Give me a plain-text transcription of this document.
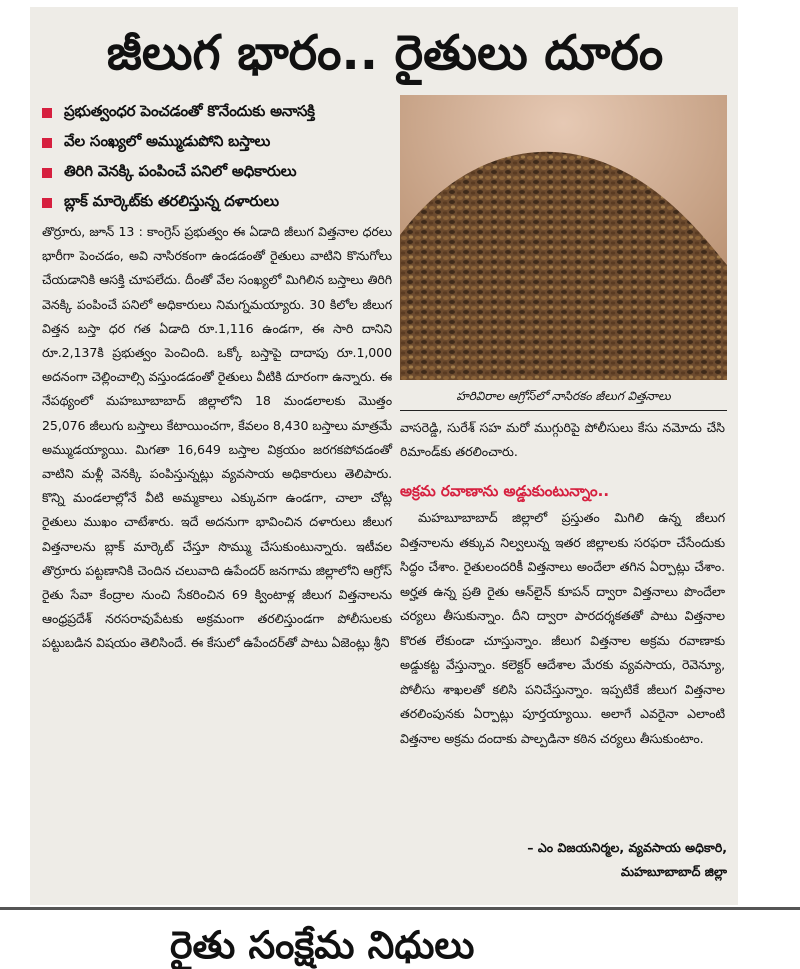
జీలుగ భారం.. రైతులు దూరం
ప్రభుత్వంధర పెంచడంతో కొనేందుకు అనాసక్తి
వేల సంఖ్యలో అమ్ముడుపోని బస్తాలు
తిరిగి వెనక్కి పంపించే పనిలో అధికారులు
బ్లాక్ మార్కెట్‌కు తరలిస్తున్న దళారులు
హరివిరాల ఆగ్రోస్‌లో నాసిరకం జీలుగ విత్తనాలు

తొర్రూరు, జూన్ 13 : కాంగ్రెస్ ప్రభుత్వం ఈ ఏడాది జీలుగ విత్తనాల ధరలు భారీగా పెంచడం, అవి నాసిరకంగా ఉండడంతో రైతులు వాటిని కొనుగోలు చేయడానికి ఆసక్తి చూపలేదు. దీంతో వేల సంఖ్యలో మిగిలిన బస్తాలు తిరిగి వెనక్కి పంపించే పనిలో అధికారులు నిమగ్నమయ్యారు. 30 కిలోల జీలుగ విత్తన బస్తా ధర గత ఏడాది రూ.1,116 ఉండగా, ఈ సారి దానిని రూ.2,137కి ప్రభుత్వం పెంచింది. ఒక్కో బస్తాపై దాదాపు రూ.1,000 అదనంగా చెల్లించాల్సి వస్తుండడంతో రైతులు వీటికి దూరంగా ఉన్నారు. ఈ నేపథ్యంలో మహబూబాబాద్ జిల్లాలోని 18 మండలాలకు మొత్తం 25,076 జీలుగు బస్తాలు కేటాయించగా, కేవలం 8,430 బస్తాలు మాత్రమే అమ్ముడయ్యాయి. మిగతా 16,649 బస్తాల విక్రయం జరగకపోవడంతో వాటిని మళ్లీ వెనక్కి పంపిస్తున్నట్లు వ్యవసాయ అధికారులు తెలిపారు. కొన్ని మండలాల్లోనే వీటి అమ్మకాలు ఎక్కువగా ఉండగా, చాలా చోట్ల రైతులు ముఖం చాటేశారు. ఇదే అదనుగా భావించిన దళారులు జీలుగ విత్తనాలను బ్లాక్ మార్కెట్ చేస్తూ సొమ్ము చేసుకుంటున్నారు. ఇటీవల తొర్రూరు పట్టణానికి చెందిన చలువాది ఉపేందర్ జనగామ జిల్లాలోని ఆగ్రోస్ రైతు సేవా కేంద్రాల నుంచి సేకరించిన 69 క్వింటాళ్ల జీలుగ విత్తనాలను ఆంధ్రప్రదేశ్ నరసరావుపేటకు అక్రమంగా తరలిస్తుండగా పోలీసులకు పట్టుబడిన విషయం తెలిసిందే. ఈ కేసులో ఉపేందర్‌తో పాటు ఏజెంట్లు శ్రీని

వాసరెడ్డి, సురేశ్ సహ మరో ముగ్గురిపై పోలీసులు కేసు నమోదు చేసి రిమాండ్‌కు తరలించారు.

అక్రమ రవాణాను అడ్డుకుంటున్నాం..

మహబూబాబాద్ జిల్లాలో ప్రస్తుతం మిగిలి ఉన్న జీలుగ విత్తనాలను తక్కువ నిల్వలున్న ఇతర జిల్లాలకు సరఫరా చేసేందుకు సిద్ధం చేశాం. రైతులందరికీ విత్తనాలు అందేలా తగిన ఏర్పాట్లు చేశాం. అర్హత ఉన్న ప్రతి రైతు ఆన్‌లైన్ కూపన్ ద్వారా విత్తనాలు పొందేలా చర్యలు తీసుకున్నాం. దీని ద్వారా పారదర్శకతతో పాటు విత్తనాల కొరత లేకుండా చూస్తున్నాం. జీలుగ విత్తనాల అక్రమ రవాణాకు అడ్డుకట్ట వేస్తున్నాం. కలెక్టర్ ఆదేశాల మేరకు వ్యవసాయ, రెవెన్యూ, పోలీసు శాఖలతో కలిసి పనిచేస్తున్నాం. ఇప్పటికే జీలుగ విత్తనాల తరలింపునకు ఏర్పాట్లు పూర్తయ్యాయి. అలాగే ఎవరైనా ఎలాంటి విత్తనాల అక్రమ దందాకు పాల్పడినా కఠిన చర్యలు తీసుకుంటాం.

– ఎం విజయనిర్మల, వ్యవసాయ అధికారి,
మహబూబాబాద్ జిల్లా
రైతు సంక్షేమ నిధులు
